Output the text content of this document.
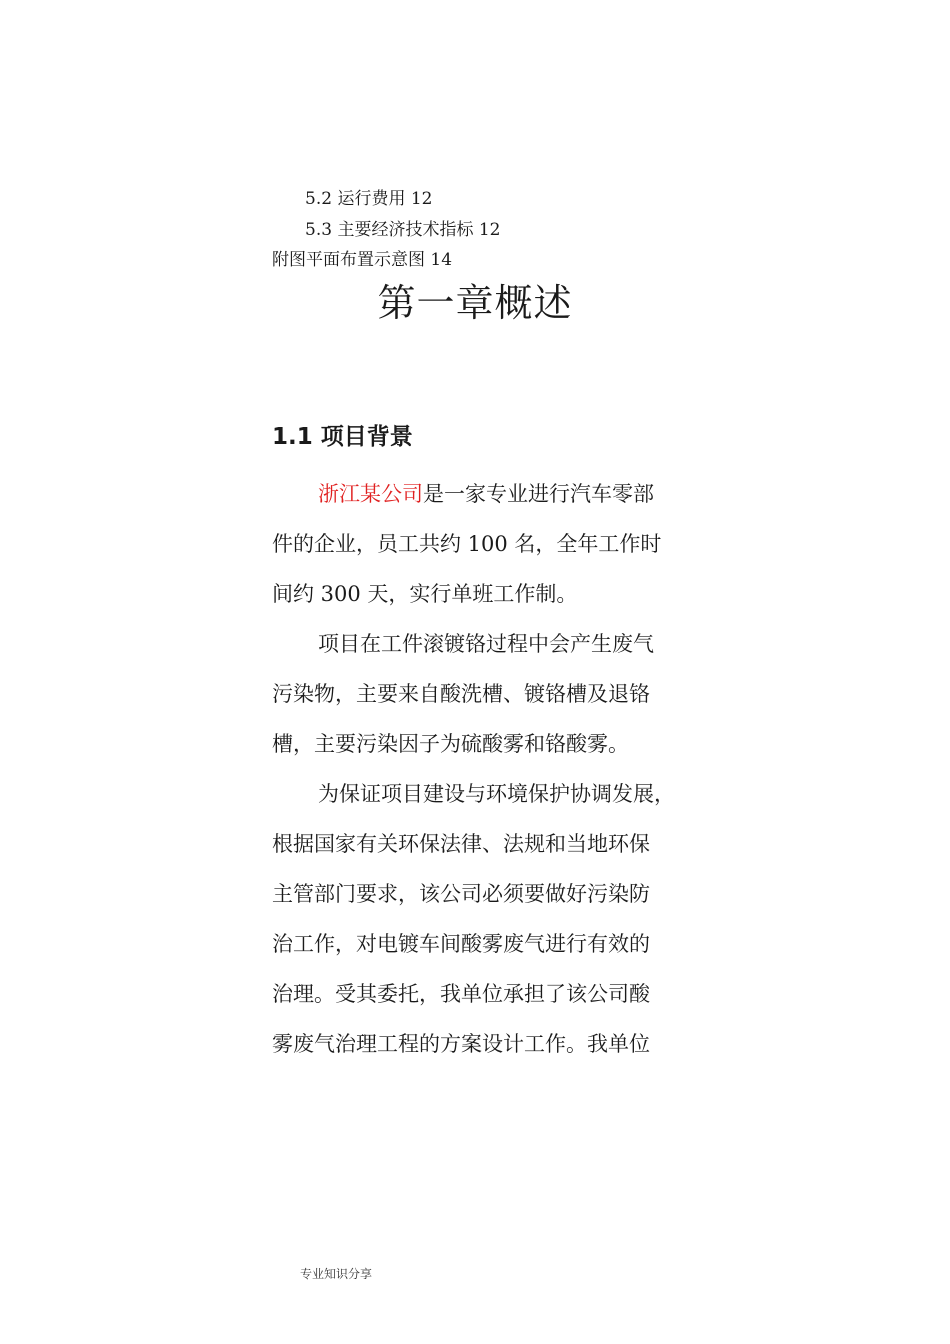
5.2 运行费用 12
5.3 主要经济技术指标 12
附图平面布置示意图 14
第一章概述
1.1 项目背景
浙江某公司是一家专业进行汽车零部
件的企业，员工共约 100 名，全年工作时
间约 300 天，实行单班工作制。
项目在工件滚镀铬过程中会产生废气
污染物，主要来自酸洗槽、镀铬槽及退铬
槽，主要污染因子为硫酸雾和铬酸雾。
为保证项目建设与环境保护协调发展，
根据国家有关环保法律、法规和当地环保
主管部门要求，该公司必须要做好污染防
治工作，对电镀车间酸雾废气进行有效的
治理。受其委托，我单位承担了该公司酸
雾废气治理工程的方案设计工作。我单位
专业知识分享
